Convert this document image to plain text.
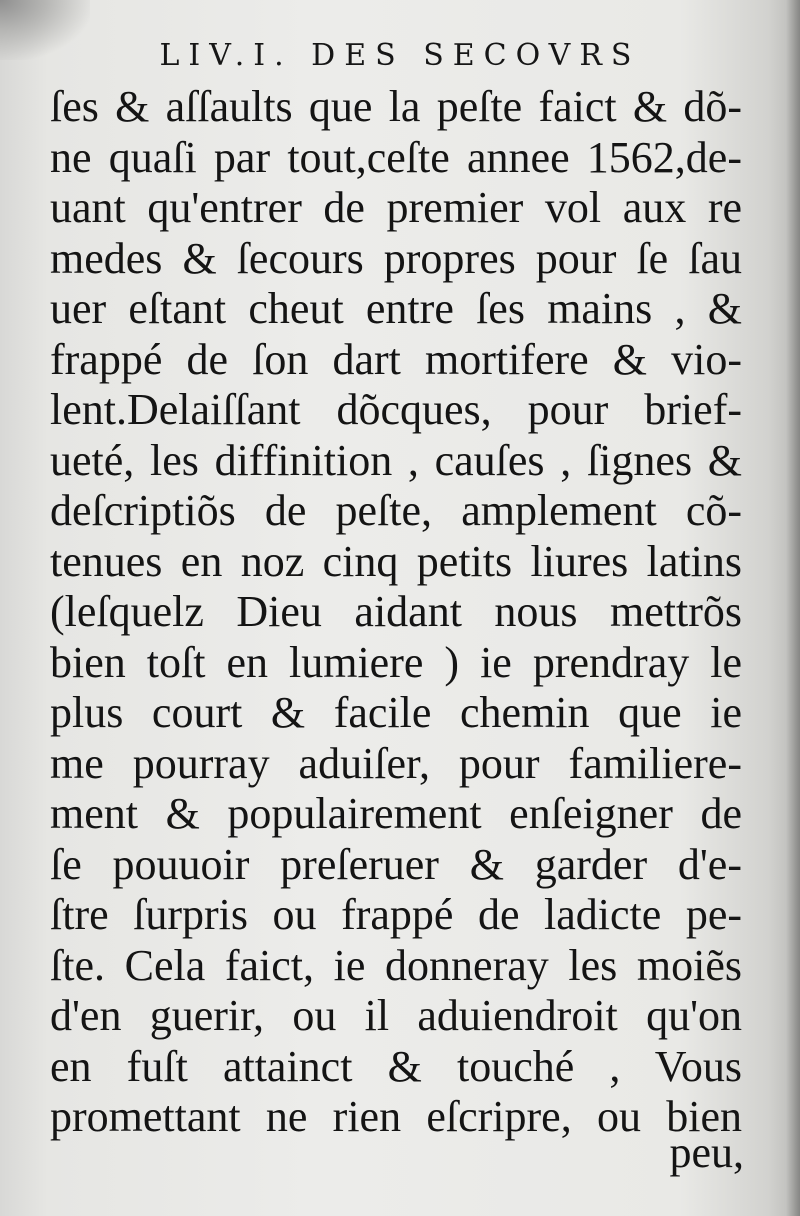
LIV.I. DES SECOVRS
ſes & aſſaults que la peſte faict & dõ-
ne quaſi par tout,ceſte annee 1562,de-
uant qu'entrer de premier vol aux re
medes & ſecours propres pour ſe ſau
uer eſtant cheut entre ſes mains , &
frappé de ſon dart mortifere & vio-
lent.Delaiſſant dõcques, pour brief-
ueté, les diffinition , cauſes , ſignes &
deſcriptiõs de peſte, amplement cõ-
tenues en noz cinq petits liures latins
(leſquelz Dieu aidant nous mettrõs
bien toſt en lumiere ) ie prendray le
plus court & facile chemin que ie
me pourray aduiſer, pour familiere-
ment & populairement enſeigner de
ſe pouuoir preſeruer & garder d'e-
ſtre ſurpris ou frappé de ladicte pe-
ſte. Cela faict, ie donneray les moiẽs
d'en guerir, ou il aduiendroit qu'on
en fuſt attainct & touché , Vous
promettant ne rien eſcripre, ou bien
peu,
